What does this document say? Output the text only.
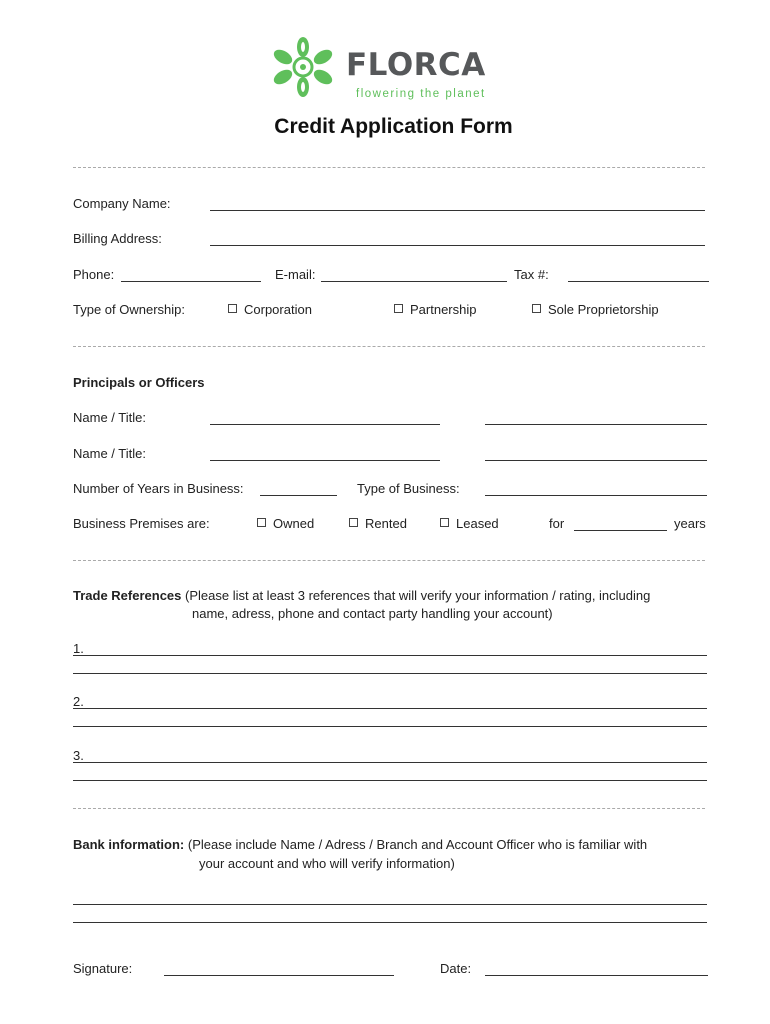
FLORCA
flowering the planet
Credit Application Form
Company Name:
Billing Address:
Phone:	E-mail:	Tax #:
Type of Ownership:	Corporation	Partnership	Sole Proprietorship
Principals or Officers
Name / Title:
Name / Title:
Number of Years in Business:	Type of Business:
Business Premises are:	Owned	Rented	Leased	for	years
Trade References (Please list at least 3 references that will verify your information / rating, including
name, adress, phone and contact party handling your account)
1.
2.
3.
Bank information: (Please include Name / Adress / Branch and Account Officer who is familiar with
your account and who will verify information)
Signature:	Date:
